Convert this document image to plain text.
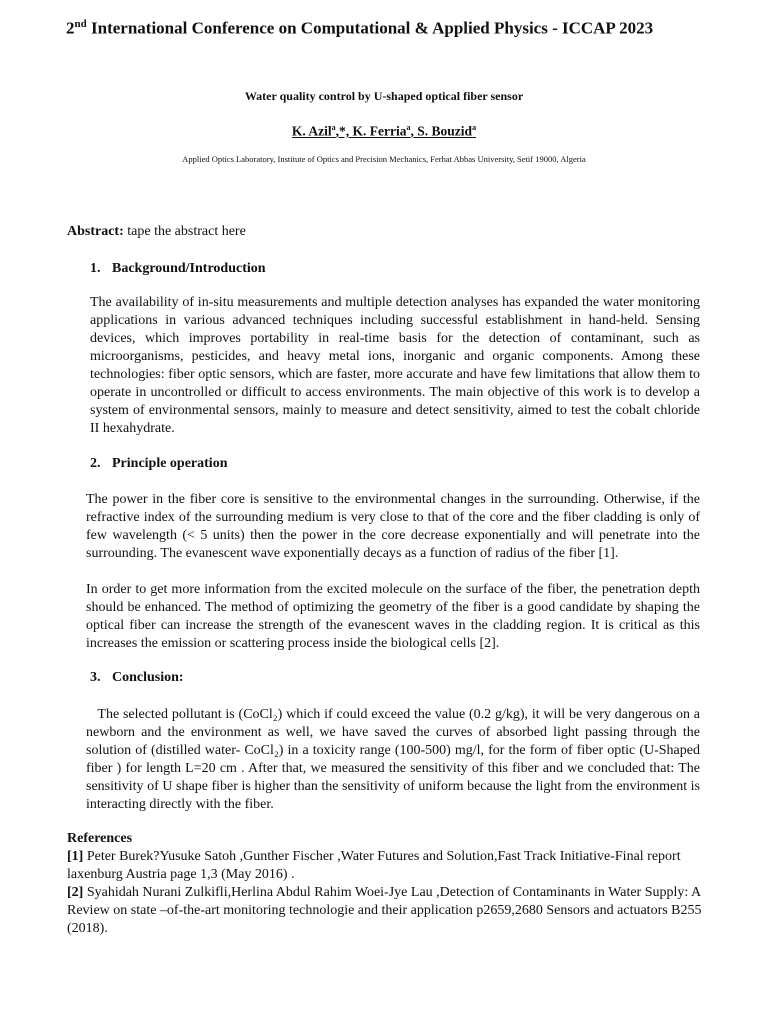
2nd International Conference on Computational & Applied Physics - ICCAP 2023
Water quality control by U-shaped optical fiber sensor

K. Azil$^a$,*, K. Ferria$^a$, S. Bouzid$^a$

Applied Optics Laboratory, Institute of Optics and Precision Mechanics, Ferhat Abbas University, Setif 19000, Algeria

Abstract: tape the abstract here

1. Background/Introduction

The availability of in-situ measurements and multiple detection analyses has expanded the water monitoring applications in various advanced techniques including successful establishment in hand-held. Sensing devices, which improves portability in real-time basis for the detection of contaminant, such as microorganisms, pesticides, and heavy metal ions, inorganic and organic components. Among these technologies: fiber optic sensors, which are faster, more accurate and have few limitations that allow them to operate in uncontrolled or difficult to access environments. The main objective of this work is to develop a system of environmental sensors, mainly to measure and detect sensitivity, aimed to test the cobalt chloride II hexahydrate.

2. Principle operation

The power in the fiber core is sensitive to the environmental changes in the surrounding. Otherwise, if the refractive index of the surrounding medium is very close to that of the core and the fiber cladding is only of few wavelength (< 5 units) then the power in the core decrease exponentially and will penetrate into the surrounding. The evanescent wave exponentially decays as a function of radius of the fiber [1].

In order to get more information from the excited molecule on the surface of the fiber, the penetration depth should be enhanced. The method of optimizing the geometry of the fiber is a good candidate by shaping the optical fiber can increase the strength of the evanescent waves in the cladding region. It is critical as this increases the emission or scattering process inside the biological cells [2].

3. Conclusion:

The selected pollutant is (CoCl₂) which if could exceed the value (0.2 g/kg), it will be very dangerous on a newborn and the environment as well, we have saved the curves of absorbed light passing through the solution of (distilled water- CoCl₂) in a toxicity range (100-500) mg/l, for the form of fiber optic (U-Shaped fiber ) for length L=20 cm . After that, we measured the sensitivity of this fiber and we concluded that: The sensitivity of U shape fiber is higher than the sensitivity of uniform because the light from the environment is interacting directly with the fiber.

References
[1] Peter Burek?Yusuke Satoh ,Gunther Fischer ,Water Futures and Solution,Fast Track Initiative-Final report laxenburg Austria page 1,3 (May 2016) .
[2] Syahidah Nurani Zulkifli,Herlina Abdul Rahim Woei-Jye Lau ,Detection of Contaminants in Water Supply: A Review on state –of-the-art monitoring technologie and their application p2659,2680 Sensors and actuators B255 (2018).
